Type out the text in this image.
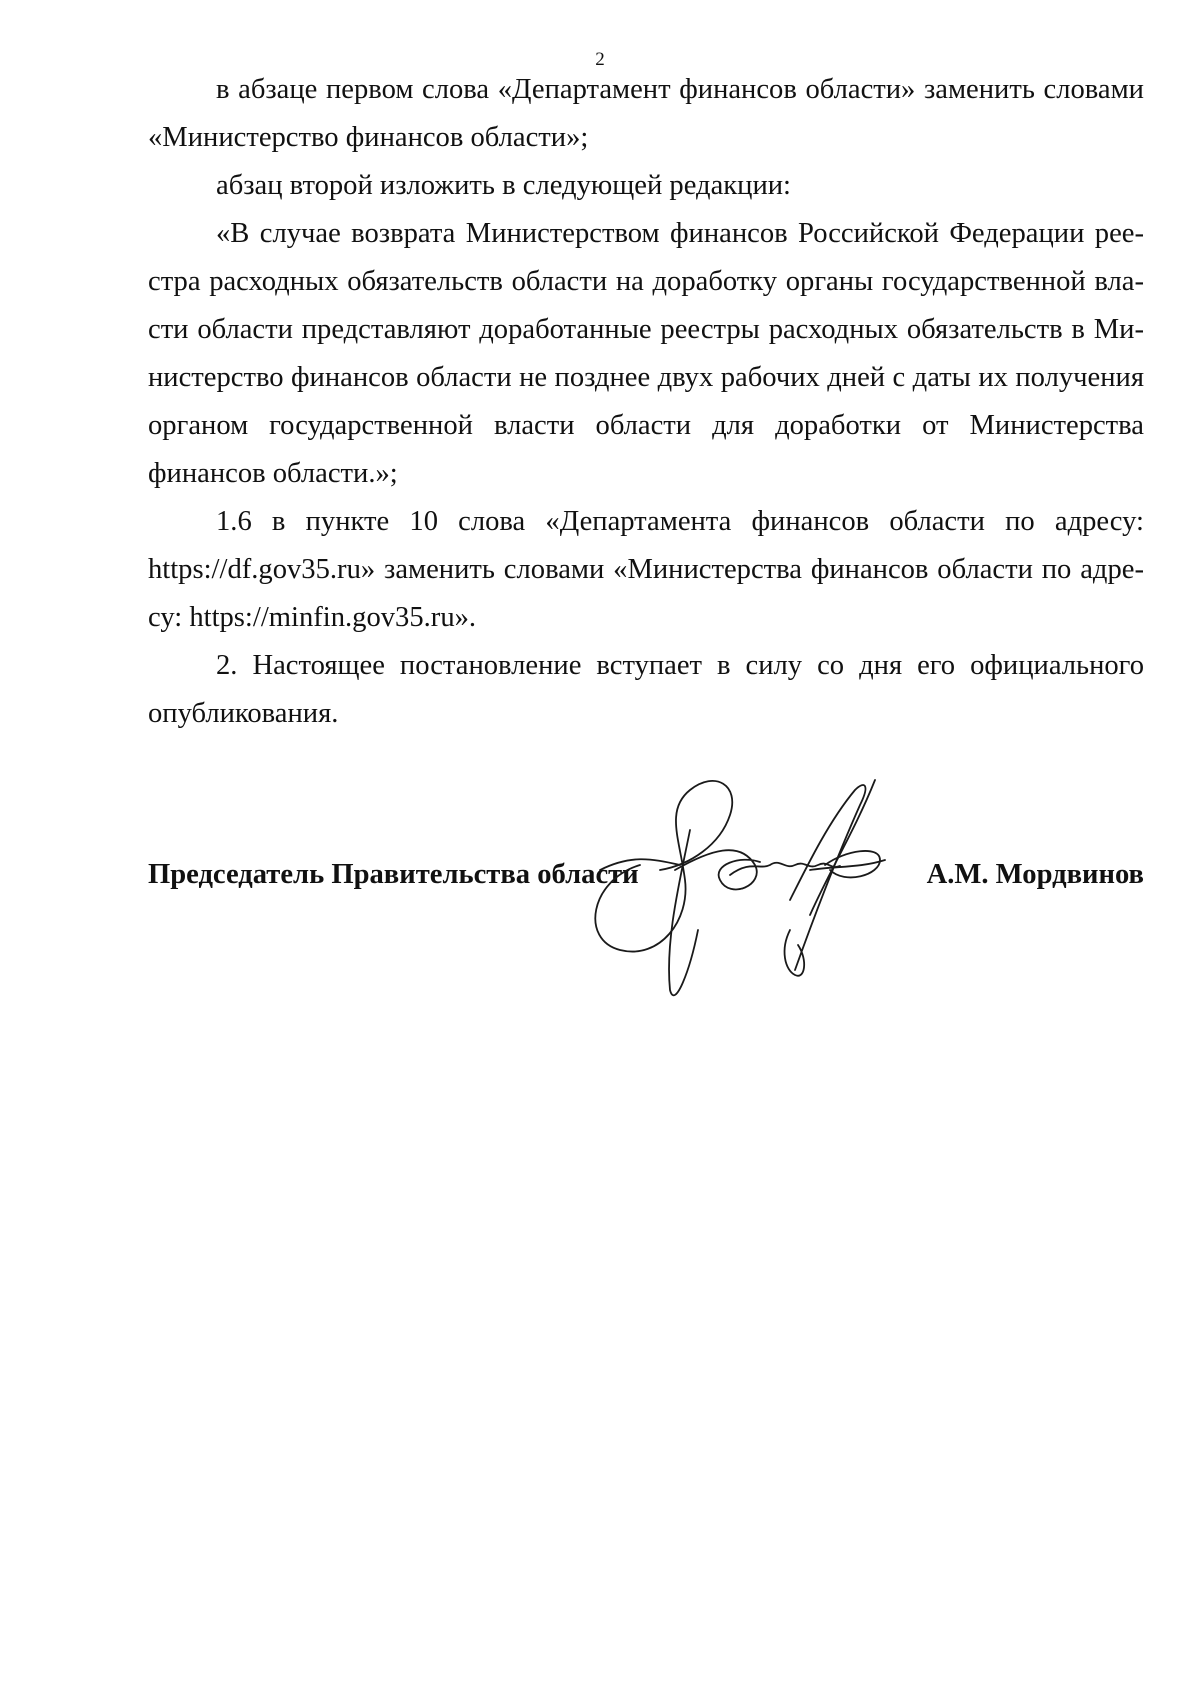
2

в абзаце первом слова «Департамент финансов области» заменить словами «Министерство финансов области»;

абзац второй изложить в следующей редакции:

«В случае возврата Министерством финансов Российской Федерации реестра расходных обязательств области на доработку органы государственной власти области представляют доработанные реестры расходных обязательств в Министерство финансов области не позднее двух рабочих дней с даты их получения органом государственной власти области для доработки от Министерства финансов области.»;

1.6 в пункте 10 слова «Департамента финансов области по адресу: https://df.gov35.ru» заменить словами «Министерства финансов области по адресу: https://minfin.gov35.ru».

2. Настоящее постановление вступает в силу со дня его официального опубликования.

Председатель Правительства области	А.М. Мордвинов
